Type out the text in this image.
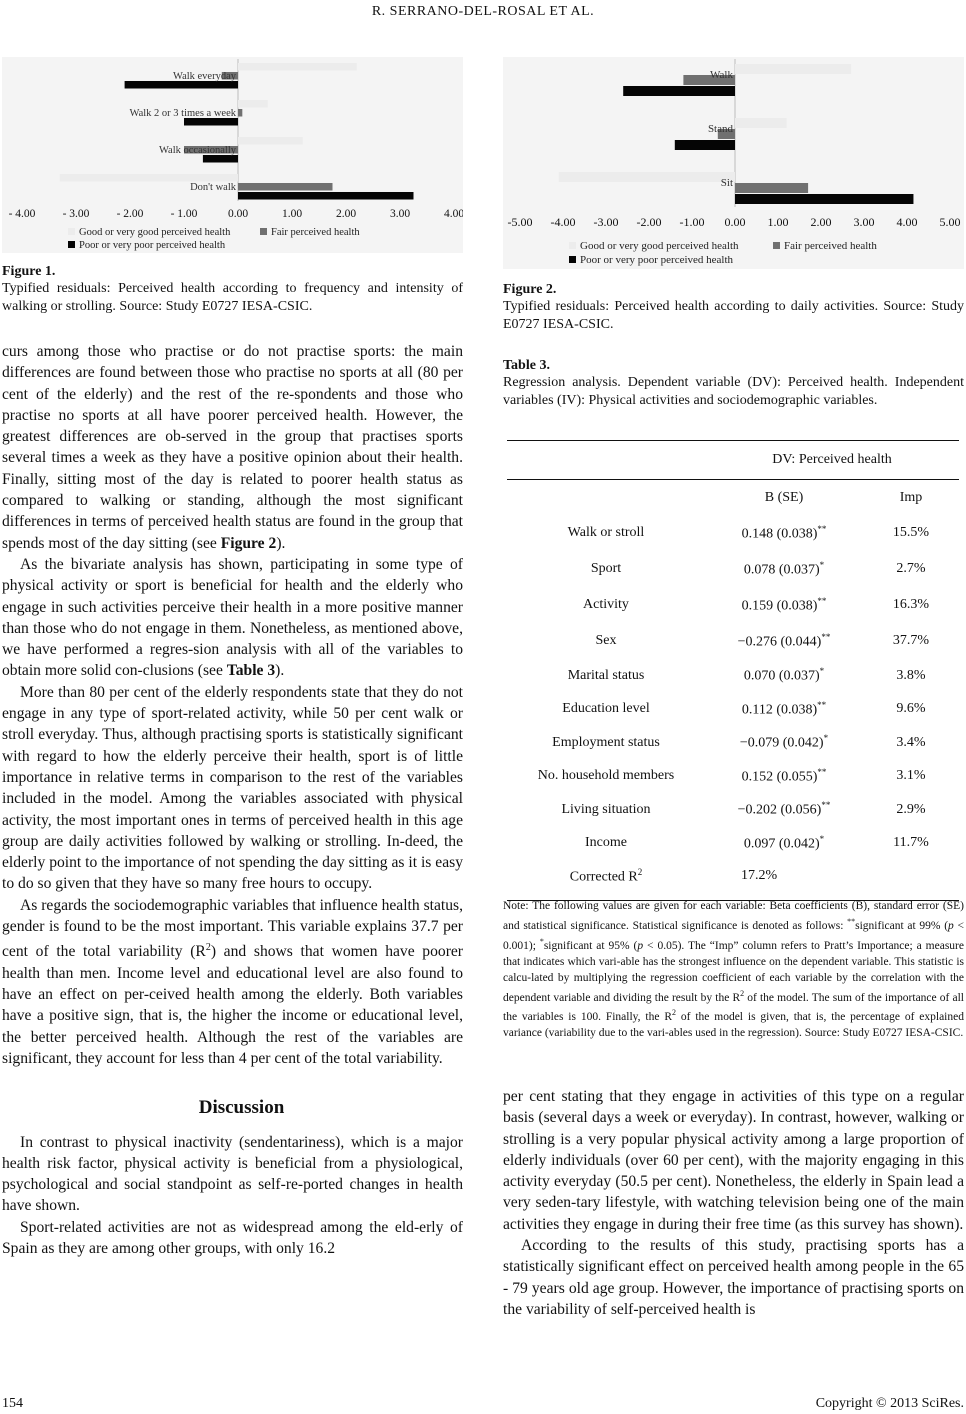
R. SERRANO-DEL-ROSAL ET AL.
Walk everyday
Walk 2 or 3 times a week
Walk occasionally
Don't walk
- 4.00 - 3.00 - 2.00 - 1.00	0.00	1.00	2.00	3.00	4.00
Good or very good perceived health	Fair perceived health
Poor or very poor perceived health

Figure 1.

Typified residuals: Perceived health according to frequency and intensity of walking or strolling. Source: Study E0727 IESA-CSIC.

curs among those who practise or do not practise sports: the main differences are found between those who practise no sports at all (80 per cent of the elderly) and the rest of the re-spondents and those who practise no sports at all have poorer perceived health. However, the greatest differences are ob-served in the group that practises sports several times a week as they have a positive opinion about their health. Finally, sitting most of the day is related to poorer health status as compared to walking or standing, although the most significant differences in terms of perceived health status are found in the group that spends most of the day sitting (see Figure 2).

As the bivariate analysis has shown, participating in some type of physical activity or sport is beneficial for health and the elderly who engage in such activities perceive their health in a more positive manner than those who do not engage in them. Nonetheless, as mentioned above, we have performed a regres-sion analysis with all of the variables to obtain more solid con-clusions (see Table 3).

More than 80 per cent of the elderly respondents state that they do not engage in any type of sport-related activity, while 50 per cent walk or stroll everyday. Thus, although practising sports is statistically significant with regard to how the elderly perceive their health, sport is of little importance in relative terms in comparison to the rest of the variables included in the model. Among the variables associated with physical activity, the most important ones in terms of perceived health in this age group are daily activities followed by walking or strolling. In-deed, the elderly point to the importance of not spending the day sitting as it is easy to do so given that they have so many free hours to occupy.

As regards the sociodemographic variables that influence health status, gender is found to be the most important. This variable explains 37.7 per cent of the total variability $(R^2)$ and shows that women have poorer health than men. Income level and educational level are also found to have an effect on per-ceived health among the elderly. Both variables have a positive sign, that is, the higher the income or educational level, the better perceived health. Although the rest of the variables are significant, they account for less than 4 per cent of the total variability.

Discussion

In contrast to physical inactivity (sendentariness), which is a major health risk factor, physical activity is beneficial from a physiological, psychological and social standpoint as self-re-ported changes in health have shown.

Sport-related activities are not as widespread among the eld-erly of Spain as they are among other groups, with only 16.2

Walk
Stand
Sit
-5.00 -4.00 -3.00 -2.00 -1.00 0.00 1.00 2.00 3.00 4.00 5.00
Good or very good perceived health	Fair perceived health
Poor or very poor perceived health

Figure 2.

Typified residuals: Perceived health according to daily activities. Source: Study E0727 IESA-CSIC.

Table 3.

Regression analysis. Dependent variable (DV): Perceived health. Independent variables (IV): Physical activities and sociodemographic variables.

	DV: Perceived health
	B (SE)	Imp
Walk or stroll	0.148 (0.038)**	15.5%
Sport	0.078 (0.037)*	2.7%
Activity	0.159 (0.038)**	16.3%
Sex	−0.276 (0.044)**	37.7%
Marital status	0.070 (0.037)*	3.8%
Education level	0.112 (0.038)**	9.6%
Employment status	−0.079 (0.042)*	3.4%
No. household members	0.152 (0.055)**	3.1%
Living situation	−0.202 (0.056)**	2.9%
Income	0.097 (0.042)*	11.7%
Corrected $R^2$	17.2%	
Note: The following values are given for each variable: Beta coefficients (B), standard error (SE) and statistical significance. Statistical significance is denoted as follows: **significant at 99% (p < 0.001); *significant at 95% (p < 0.05). The “Imp” column refers to Pratt’s Importance; a measure that indicates which vari-able has the strongest influence on the dependent variable. This statistic is calcu-lated by multiplying the regression coefficient of each variable by the correlation with the dependent variable and dividing the result by the $R^2$ of the model. The sum of the importance of all the variables is 100. Finally, the $R^2$ of the model is given, that is, the percentage of explained variance (variability due to the vari-ables used in the regression). Source: Study E0727 IESA-CSIC.

per cent stating that they engage in activities of this type on a regular basis (several days a week or everyday). In contrast, however, walking or strolling is a very popular physical activity among a large proportion of elderly individuals (over 60 per cent), with the majority engaging in this activity everyday (50.5 per cent). Nonetheless, the elderly in Spain lead a very seden-tary lifestyle, with watching television being one of the main activities they engage in during their free time (as this survey has shown).

According to the results of this study, practising sports has a statistically significant effect on perceived health among people in the 65 - 79 years old age group. However, the importance of practising sports on the variability of self-perceived health is

154	Copyright © 2013 SciRes.
